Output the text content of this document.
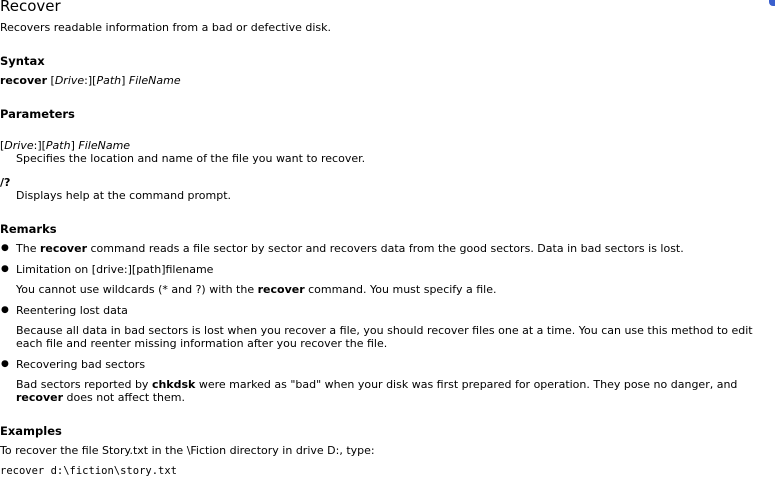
Recover
Recovers readable information from a bad or defective disk.
Syntax
recover [Drive:][Path] FileName
Parameters
[Drive:][Path] FileName
Specifies the location and name of the file you want to recover.
/?
Displays help at the command prompt.
Remarks
● The recover command reads a file sector by sector and recovers data from the good sectors. Data in bad sectors is lost.
● Limitation on [drive:][path]filename
You cannot use wildcards (* and ?) with the recover command. You must specify a file.
● Reentering lost data
Because all data in bad sectors is lost when you recover a file, you should recover files one at a time. You can use this method to edit each file and reenter missing information after you recover the file.
● Recovering bad sectors
Bad sectors reported by chkdsk were marked as "bad" when your disk was first prepared for operation. They pose no danger, and recover does not affect them.
Examples
To recover the file Story.txt in the \Fiction directory in drive D:, type:
recover d:\fiction\story.txt
